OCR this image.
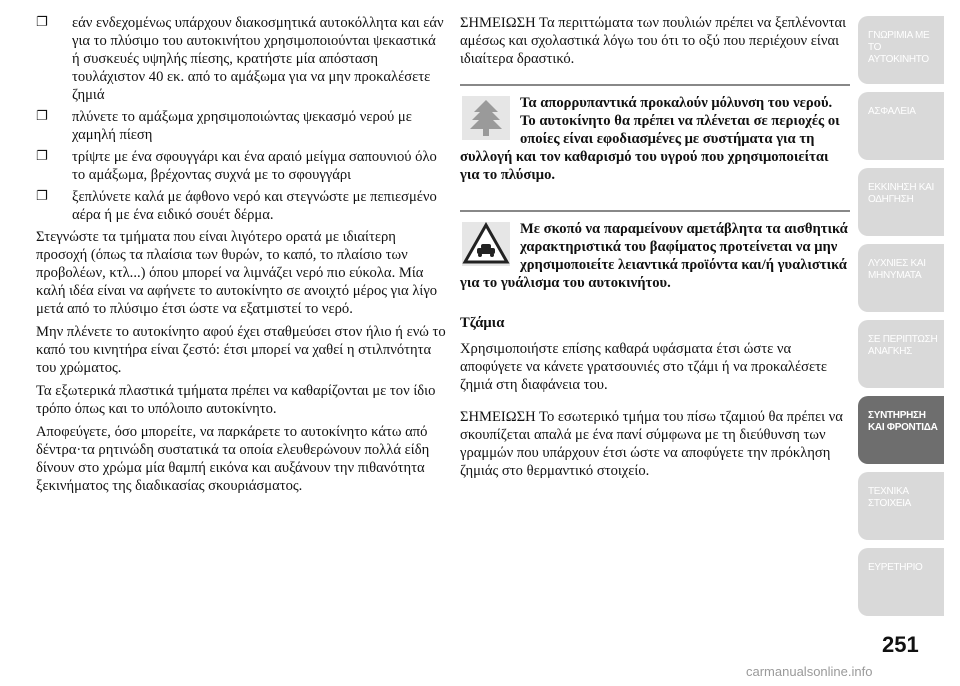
❐ εάν ενδεχομένως υπάρχουν διακοσμητικά αυτοκόλλητα και εάν για το πλύσιμο του αυτοκινήτου χρησιμοποιούνται ψεκαστικά ή συσκευές υψηλής πίεσης, κρατήστε μία απόσταση τουλάχιστον 40 εκ. από το αμάξωμα για να μην προκαλέσετε ζημιά

❐ πλύνετε το αμάξωμα χρησιμοποιώντας ψεκασμό νερού με χαμηλή πίεση

❐ τρίψτε με ένα σφουγγάρι και ένα αραιό μείγμα σαπουνιού όλο το αμάξωμα, βρέχοντας συχνά με το σφουγγάρι

❐ ξεπλύνετε καλά με άφθονο νερό και στεγνώστε με πεπιεσμένο αέρα ή με ένα ειδικό σουέτ δέρμα.

Στεγνώστε τα τμήματα που είναι λιγότερο ορατά με ιδιαίτερη προσοχή (όπως τα πλαίσια των θυρών, το καπό, το πλαίσιο των προβολέων, κτλ...) όπου μπορεί να λιμνάζει νερό πιο εύκολα. Μία καλή ιδέα είναι να αφήνετε το αυτοκίνητο σε ανοιχτό μέρος για λίγο μετά από το πλύσιμο έτσι ώστε να εξατμιστεί το νερό.

Μην πλένετε το αυτοκίνητο αφού έχει σταθμεύσει στον ήλιο ή ενώ το καπό του κινητήρα είναι ζεστό: έτσι μπορεί να χαθεί η στιλπνότητα του χρώματος.

Τα εξωτερικά πλαστικά τμήματα πρέπει να καθαρίζονται με τον ίδιο τρόπο όπως και το υπόλοιπο αυτοκίνητο.

Αποφεύγετε, όσο μπορείτε, να παρκάρετε το αυτοκίνητο κάτω από δέντρα·τα ρητινώδη συστατικά τα οποία ελευθερώνουν πολλά είδη δίνουν στο χρώμα μία θαμπή εικόνα και αυξάνουν την πιθανότητα ξεκινήματος της διαδικασίας σκουριάσματος.

ΣΗΜΕΙΩΣΗ Τα περιττώματα των πουλιών πρέπει να ξεπλένονται αμέσως και σχολαστικά λόγω του ότι το οξύ που περιέχουν είναι ιδιαίτερα δραστικό.

Τα απορρυπαντικά προκαλούν μόλυνση του νερού. Το αυτοκίνητο θα πρέπει να πλένεται σε περιοχές οι οποίες είναι εφοδιασμένες με συστήματα για τη συλλογή και τον καθαρισμό του υγρού που χρησιμοποιείται για το πλύσιμο.
Με σκοπό να παραμείνουν αμετάβλητα τα αισθητικά χαρακτηριστικά του βαφίματος προτείνεται να μην χρησιμοποιείτε λειαντικά προϊόντα και/ή γυαλιστικά για το γυάλισμα του αυτοκινήτου.

Τζάμια

Χρησιμοποιήστε επίσης καθαρά υφάσματα έτσι ώστε να αποφύγετε να κάνετε γρατσουνιές στο τζάμι ή να προκαλέσετε ζημιά στη διαφάνεια του.

ΣΗΜΕΙΩΣΗ Το εσωτερικό τμήμα του πίσω τζαμιού θα πρέπει να σκουπίζεται απαλά με ένα πανί σύμφωνα με τη διεύθυνση των γραμμών που υπάρχουν έτσι ώστε να αποφύγετε την πρόκληση ζημιάς στο θερμαντικό στοιχείο.

ΓΝΩΡΙΜΙΑ ΜΕ ΤΟ ΑΥΤΟΚΙΝΗΤΟ
ΑΣΦΑΛΕΙΑ
ΕΚΚΙΝΗΣΗ ΚΑΙ ΟΔΗΓΗΣΗ
ΛΥΧΝΙΕΣ ΚΑΙ ΜΗΝΥΜΑΤΑ
ΣΕ ΠΕΡΙΠΤΩΣΗ ΑΝΑΓΚΗΣ
ΣΥΝΤΗΡΗΣΗ ΚΑΙ ΦΡΟΝΤΙΔΑ
ΤΕΧΝΙΚΑ ΣΤΟΙΧΕΙΑ
ΕΥΡΕΤΗΡΙΟ
251
carmanualsonline.info
